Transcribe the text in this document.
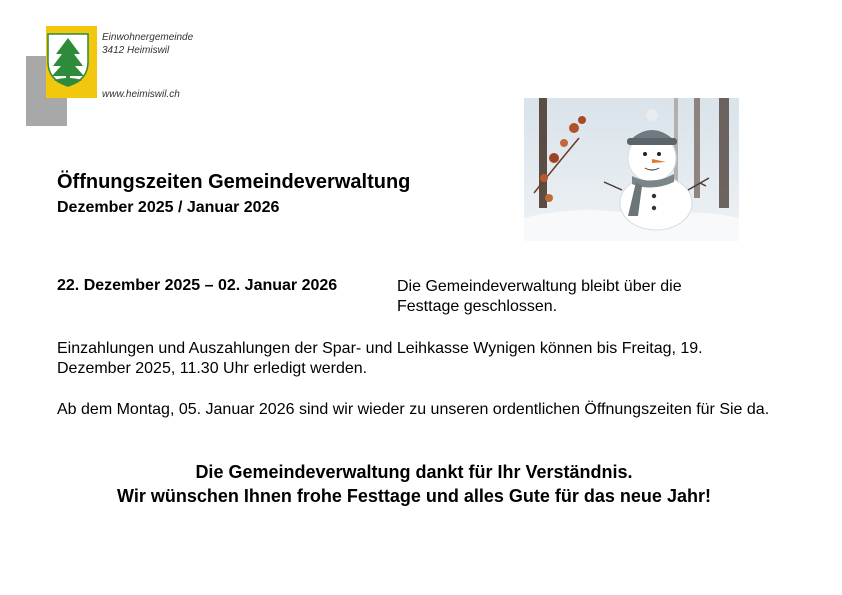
Einwohnergemeinde
3412 Heimiswil
www.heimiswil.ch
Öffnungszeiten Gemeindeverwaltung
Dezember 2025 / Januar 2026
22. Dezember 2025 – 02. Januar 2026	Die Gemeindeverwaltung bleibt über die Festtage geschlossen.
Einzahlungen und Auszahlungen der Spar- und Leihkasse Wynigen können bis Freitag, 19. Dezember 2025, 11.30 Uhr erledigt werden.
Ab dem Montag, 05. Januar 2026 sind wir wieder zu unseren ordentlichen Öffnungszeiten für Sie da.
Die Gemeindeverwaltung dankt für Ihr Verständnis.
Wir wünschen Ihnen frohe Festtage und alles Gute für das neue Jahr!
